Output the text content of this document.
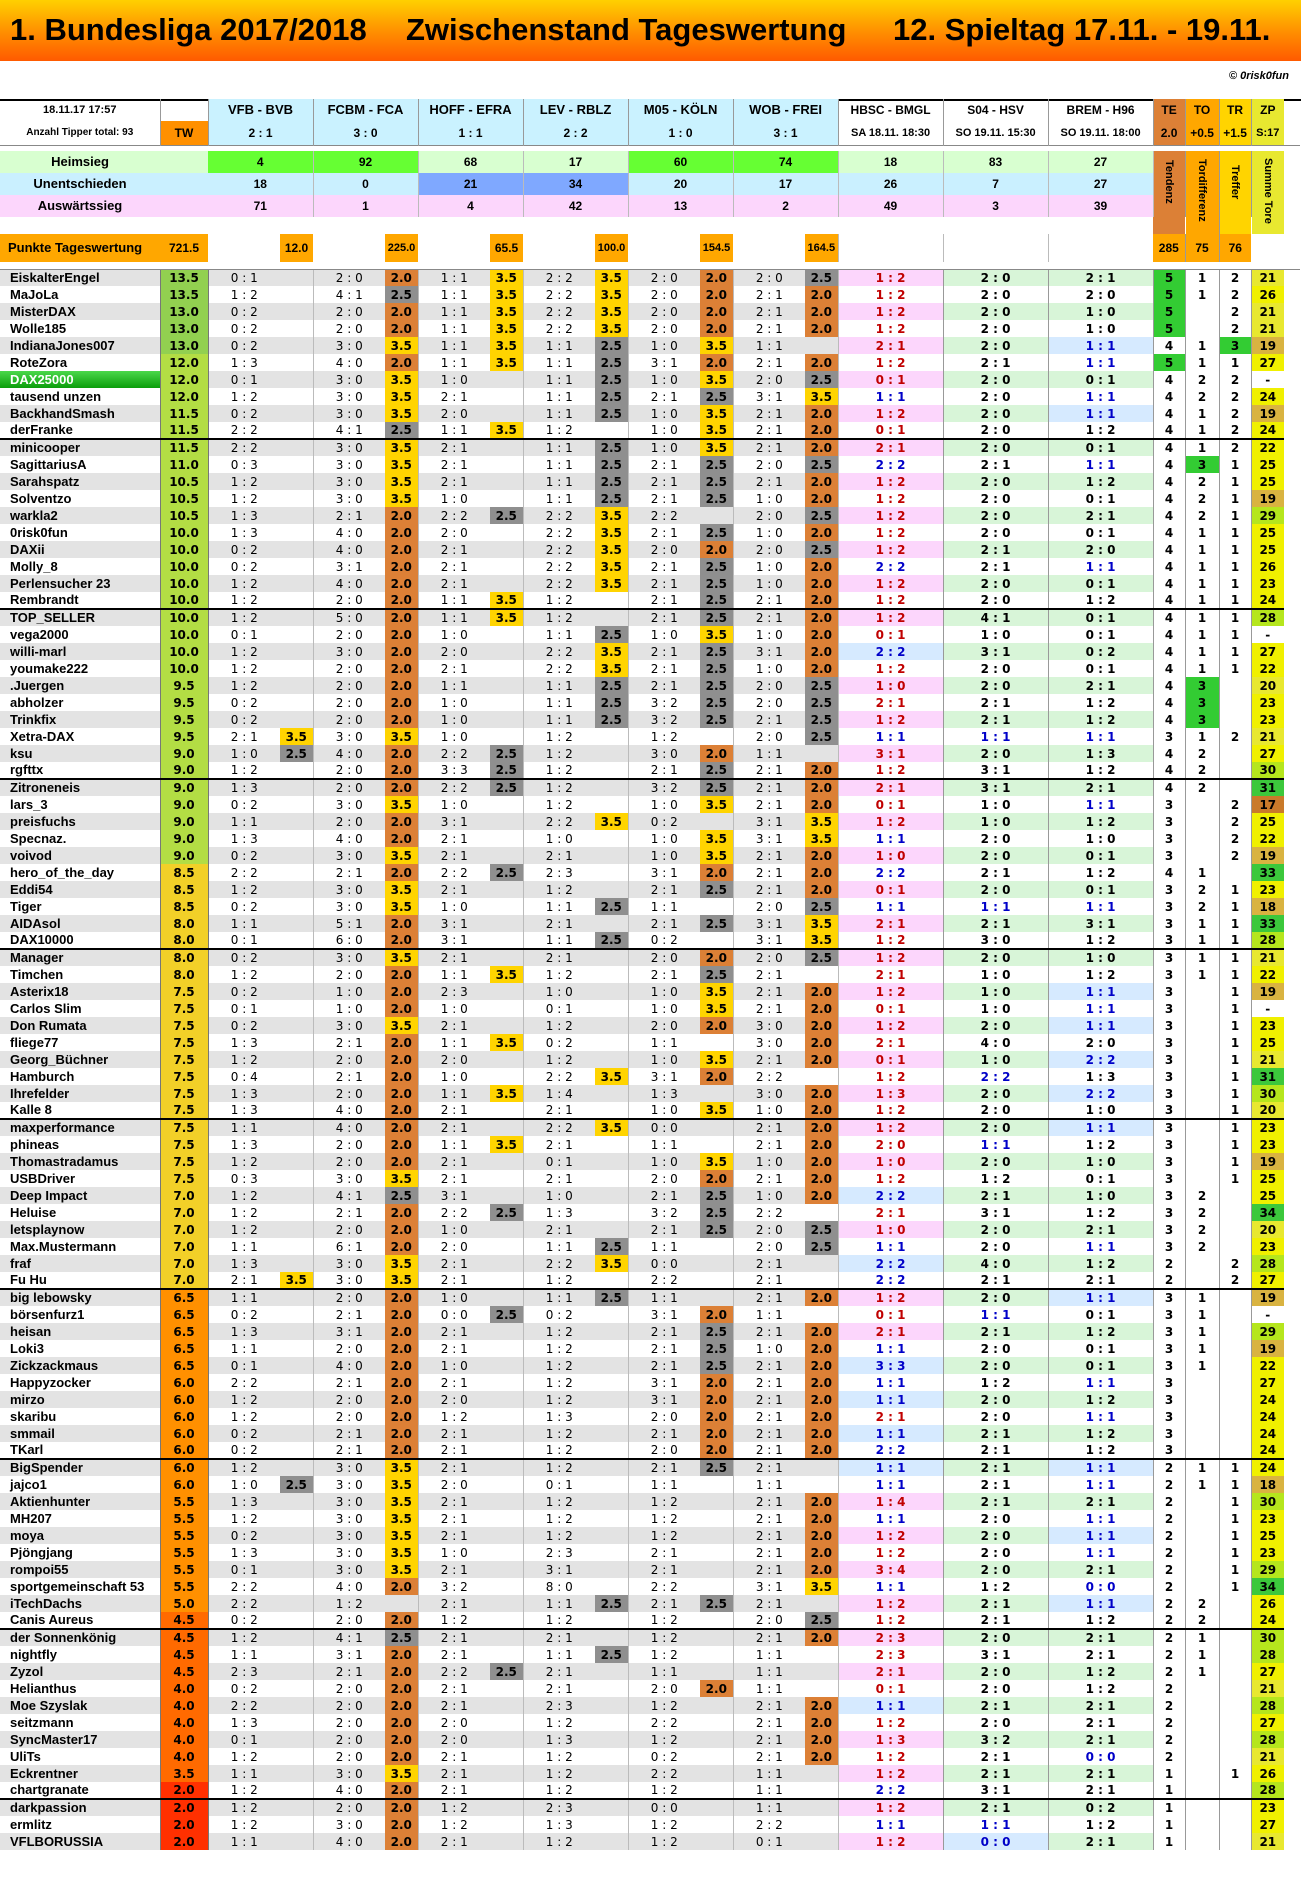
1. Bundesliga 2017/2018 Zwischenstand Tageswertung 12. Spieltag 17.11. - 19.11.
© 0risk0fun
18.11.17 17:57		VFB - BVB		FCBM - FCA		HOFF - EFRA		LEV - RBLZ		M05 - KÖLN		WOB - FREI		HBSC - BMGL	S04 - HSV	BREM - H96	TE	TO	TR	ZP
Anzahl Tipper total: 93	TW	2 : 1		3 : 0		1 : 1		2 : 2		1 : 0		3 : 1		SA 18.11. 18:30	SO 19.11. 15:30	SO 19.11. 18:00	2.0	+0.5	+1.5	S:17

Heimsieg		4		92		68		17		60		74		18	83	27	Tendenz	Tordifferenz	Treffer	Summe Tore
Unentschieden		18		0		21		34		20		17		26	7	27				
Auswärtssieg		71		1		4		42		13		2		49	3	39				

Punkte Tageswertung	721.5		12.0		225.0		65.5		100.0		154.5		164.5				285	75	76	

EiskalterEngel	13.5	0 : 1		2 : 0	2.0	1 : 1	3.5	2 : 2	3.5	2 : 0	2.0	2 : 0	2.5	1 : 2	2 : 0	2 : 1	5	1	2	21
MaJoLa	13.5	1 : 2		4 : 1	2.5	1 : 1	3.5	2 : 2	3.5	2 : 0	2.0	2 : 1	2.0	1 : 2	2 : 0	2 : 0	5	1	2	26
MisterDAX	13.0	0 : 2		2 : 0	2.0	1 : 1	3.5	2 : 2	3.5	2 : 0	2.0	2 : 1	2.0	1 : 2	2 : 0	1 : 0	5		2	21
Wolle185	13.0	0 : 2		2 : 0	2.0	1 : 1	3.5	2 : 2	3.5	2 : 0	2.0	2 : 1	2.0	1 : 2	2 : 0	1 : 0	5		2	21
IndianaJones007	13.0	0 : 2		3 : 0	3.5	1 : 1	3.5	1 : 1	2.5	1 : 0	3.5	1 : 1		2 : 1	2 : 0	1 : 1	4	1	3	19
RoteZora	12.0	1 : 3		4 : 0	2.0	1 : 1	3.5	1 : 1	2.5	3 : 1	2.0	2 : 1	2.0	1 : 2	2 : 1	1 : 1	5	1	1	27
DAX25000	12.0	0 : 1		3 : 0	3.5	1 : 0		1 : 1	2.5	1 : 0	3.5	2 : 0	2.5	0 : 1	2 : 0	0 : 1	4	2	2	-
tausend unzen	12.0	1 : 2		3 : 0	3.5	2 : 1		1 : 1	2.5	2 : 1	2.5	3 : 1	3.5	1 : 1	2 : 0	1 : 1	4	2	2	24
BackhandSmash	11.5	0 : 2		3 : 0	3.5	2 : 0		1 : 1	2.5	1 : 0	3.5	2 : 1	2.0	1 : 2	2 : 0	1 : 1	4	1	2	19
derFranke	11.5	2 : 2		4 : 1	2.5	1 : 1	3.5	1 : 2		1 : 0	3.5	2 : 1	2.0	0 : 1	2 : 0	1 : 2	4	1	2	24
minicooper	11.5	2 : 2		3 : 0	3.5	2 : 1		1 : 1	2.5	1 : 0	3.5	2 : 1	2.0	2 : 1	2 : 0	0 : 1	4	1	2	22
SagittariusA	11.0	0 : 3		3 : 0	3.5	2 : 1		1 : 1	2.5	2 : 1	2.5	2 : 0	2.5	2 : 2	2 : 1	1 : 1	4	3	1	25
Sarahspatz	10.5	1 : 2		3 : 0	3.5	2 : 1		1 : 1	2.5	2 : 1	2.5	2 : 1	2.0	1 : 2	2 : 0	1 : 2	4	2	1	25
Solventzo	10.5	1 : 2		3 : 0	3.5	1 : 0		1 : 1	2.5	2 : 1	2.5	1 : 0	2.0	1 : 2	2 : 0	0 : 1	4	2	1	19
warkla2	10.5	1 : 3		2 : 1	2.0	2 : 2	2.5	2 : 2	3.5	2 : 2		2 : 0	2.5	1 : 2	2 : 0	2 : 1	4	2	1	29
0risk0fun	10.0	1 : 3		4 : 0	2.0	2 : 0		2 : 2	3.5	2 : 1	2.5	1 : 0	2.0	1 : 2	2 : 0	0 : 1	4	1	1	25
DAXii	10.0	0 : 2		4 : 0	2.0	2 : 1		2 : 2	3.5	2 : 0	2.0	2 : 0	2.5	1 : 2	2 : 1	2 : 0	4	1	1	25
Molly_8	10.0	0 : 2		3 : 1	2.0	2 : 1		2 : 2	3.5	2 : 1	2.5	1 : 0	2.0	2 : 2	2 : 1	1 : 1	4	1	1	26
Perlensucher 23	10.0	1 : 2		4 : 0	2.0	2 : 1		2 : 2	3.5	2 : 1	2.5	1 : 0	2.0	1 : 2	2 : 0	0 : 1	4	1	1	23
Rembrandt	10.0	1 : 2		2 : 0	2.0	1 : 1	3.5	1 : 2		2 : 1	2.5	2 : 1	2.0	1 : 2	2 : 0	1 : 2	4	1	1	24
TOP_SELLER	10.0	1 : 2		5 : 0	2.0	1 : 1	3.5	1 : 2		2 : 1	2.5	2 : 1	2.0	1 : 2	4 : 1	0 : 1	4	1	1	28
vega2000	10.0	0 : 1		2 : 0	2.0	1 : 0		1 : 1	2.5	1 : 0	3.5	1 : 0	2.0	0 : 1	1 : 0	0 : 1	4	1	1	-
willi-marl	10.0	1 : 2		3 : 0	2.0	2 : 0		2 : 2	3.5	2 : 1	2.5	3 : 1	2.0	2 : 2	3 : 1	0 : 2	4	1	1	27
youmake222	10.0	1 : 2		2 : 0	2.0	2 : 1		2 : 2	3.5	2 : 1	2.5	1 : 0	2.0	1 : 2	2 : 0	0 : 1	4	1	1	22
.Juergen	9.5	1 : 2		2 : 0	2.0	1 : 1		1 : 1	2.5	2 : 1	2.5	2 : 0	2.5	1 : 0	2 : 0	2 : 1	4	3		20
abholzer	9.5	0 : 2		2 : 0	2.0	1 : 0		1 : 1	2.5	3 : 2	2.5	2 : 0	2.5	2 : 1	2 : 1	1 : 2	4	3		23
Trinkfix	9.5	0 : 2		2 : 0	2.0	1 : 0		1 : 1	2.5	3 : 2	2.5	2 : 1	2.5	1 : 2	2 : 1	1 : 2	4	3		23
Xetra-DAX	9.5	2 : 1	3.5	3 : 0	3.5	1 : 0		1 : 2		1 : 2		2 : 0	2.5	1 : 1	1 : 1	1 : 1	3	1	2	21
ksu	9.0	1 : 0	2.5	4 : 0	2.0	2 : 2	2.5	1 : 2		3 : 0	2.0	1 : 1		3 : 1	2 : 0	1 : 3	4	2		27
rgfttx	9.0	1 : 2		2 : 0	2.0	3 : 3	2.5	1 : 2		2 : 1	2.5	2 : 1	2.0	1 : 2	3 : 1	1 : 2	4	2		30
Zitroneneis	9.0	1 : 3		2 : 0	2.0	2 : 2	2.5	1 : 2		3 : 2	2.5	2 : 1	2.0	2 : 1	3 : 1	2 : 1	4	2		31
lars_3	9.0	0 : 2		3 : 0	3.5	1 : 0		1 : 2		1 : 0	3.5	2 : 1	2.0	0 : 1	1 : 0	1 : 1	3		2	17
preisfuchs	9.0	1 : 1		2 : 0	2.0	3 : 1		2 : 2	3.5	0 : 2		3 : 1	3.5	1 : 2	1 : 0	1 : 2	3		2	25
Specnaz.	9.0	1 : 3		4 : 0	2.0	2 : 1		1 : 0		1 : 0	3.5	3 : 1	3.5	1 : 1	2 : 0	1 : 0	3		2	22
voivod	9.0	0 : 2		3 : 0	3.5	2 : 1		2 : 1		1 : 0	3.5	2 : 1	2.0	1 : 0	2 : 0	0 : 1	3		2	19
hero_of_the_day	8.5	2 : 2		2 : 1	2.0	2 : 2	2.5	2 : 3		3 : 1	2.0	2 : 1	2.0	2 : 2	2 : 1	1 : 2	4	1		33
Eddi54	8.5	1 : 2		3 : 0	3.5	2 : 1		1 : 2		2 : 1	2.5	2 : 1	2.0	0 : 1	2 : 0	0 : 1	3	2	1	23
Tiger	8.5	0 : 2		3 : 0	3.5	1 : 0		1 : 1	2.5	1 : 1		2 : 0	2.5	1 : 1	1 : 1	1 : 1	3	2	1	18
AIDAsol	8.0	1 : 1		5 : 1	2.0	3 : 1		2 : 1		2 : 1	2.5	3 : 1	3.5	2 : 1	2 : 1	3 : 1	3	1	1	33
DAX10000	8.0	0 : 1		6 : 0	2.0	3 : 1		1 : 1	2.5	0 : 2		3 : 1	3.5	1 : 2	3 : 0	1 : 2	3	1	1	28
Manager	8.0	0 : 2		3 : 0	3.5	2 : 1		2 : 1		2 : 0	2.0	2 : 0	2.5	1 : 2	2 : 0	1 : 0	3	1	1	21
Timchen	8.0	1 : 2		2 : 0	2.0	1 : 1	3.5	1 : 2		2 : 1	2.5	2 : 1		2 : 1	1 : 0	1 : 2	3	1	1	22
Asterix18	7.5	0 : 2		1 : 0	2.0	2 : 3		1 : 0		1 : 0	3.5	2 : 1	2.0	1 : 2	1 : 0	1 : 1	3		1	19
Carlos Slim	7.5	0 : 1		1 : 0	2.0	1 : 0		0 : 1		1 : 0	3.5	2 : 1	2.0	0 : 1	1 : 0	1 : 1	3		1	-
Don Rumata	7.5	0 : 2		3 : 0	3.5	2 : 1		1 : 2		2 : 0	2.0	3 : 0	2.0	1 : 2	2 : 0	1 : 1	3		1	23
fliege77	7.5	1 : 3		2 : 1	2.0	1 : 1	3.5	0 : 2		1 : 1		3 : 0	2.0	2 : 1	4 : 0	2 : 0	3		1	25
Georg_Büchner	7.5	1 : 2		2 : 0	2.0	2 : 0		1 : 2		1 : 0	3.5	2 : 1	2.0	0 : 1	1 : 0	2 : 2	3		1	21
Hamburch	7.5	0 : 4		2 : 1	2.0	1 : 0		2 : 2	3.5	3 : 1	2.0	2 : 2		1 : 2	2 : 2	1 : 3	3		1	31
Ihrefelder	7.5	1 : 3		2 : 0	2.0	1 : 1	3.5	1 : 4		1 : 3		3 : 0	2.0	1 : 3	2 : 0	2 : 2	3		1	30
Kalle 8	7.5	1 : 3		4 : 0	2.0	2 : 1		2 : 1		1 : 0	3.5	1 : 0	2.0	1 : 2	2 : 0	1 : 0	3		1	20
maxperformance	7.5	1 : 1		4 : 0	2.0	2 : 1		2 : 2	3.5	0 : 0		2 : 1	2.0	1 : 2	2 : 0	1 : 1	3		1	23
phineas	7.5	1 : 3		2 : 0	2.0	1 : 1	3.5	2 : 1		1 : 1		2 : 1	2.0	2 : 0	1 : 1	1 : 2	3		1	23
Thomastradamus	7.5	1 : 2		2 : 0	2.0	2 : 1		0 : 1		1 : 0	3.5	1 : 0	2.0	1 : 0	2 : 0	1 : 0	3		1	19
USBDriver	7.5	0 : 3		3 : 0	3.5	2 : 1		2 : 1		2 : 0	2.0	2 : 1	2.0	1 : 2	1 : 2	0 : 1	3		1	25
Deep Impact	7.0	1 : 2		4 : 1	2.5	3 : 1		1 : 0		2 : 1	2.5	1 : 0	2.0	2 : 2	2 : 1	1 : 0	3	2		25
Heluise	7.0	1 : 2		2 : 1	2.0	2 : 2	2.5	1 : 3		3 : 2	2.5	2 : 2		2 : 1	3 : 1	1 : 2	3	2		34
letsplaynow	7.0	1 : 2		2 : 0	2.0	1 : 0		2 : 1		2 : 1	2.5	2 : 0	2.5	1 : 0	2 : 0	2 : 1	3	2		20
Max.Mustermann	7.0	1 : 1		6 : 1	2.0	2 : 0		1 : 1	2.5	1 : 1		2 : 0	2.5	1 : 1	2 : 0	1 : 1	3	2		23
fraf	7.0	1 : 3		3 : 0	3.5	2 : 1		2 : 2	3.5	0 : 0		2 : 1		2 : 2	4 : 0	1 : 2	2		2	28
Fu Hu	7.0	2 : 1	3.5	3 : 0	3.5	2 : 1		1 : 2		2 : 2		2 : 1		2 : 2	2 : 1	2 : 1	2		2	27
big lebowsky	6.5	1 : 1		2 : 0	2.0	1 : 0		1 : 1	2.5	1 : 1		2 : 1	2.0	1 : 2	2 : 0	1 : 1	3	1		19
börsenfurz1	6.5	0 : 2		2 : 1	2.0	0 : 0	2.5	0 : 2		3 : 1	2.0	1 : 1		0 : 1	1 : 1	0 : 1	3	1		-
heisan	6.5	1 : 3		3 : 1	2.0	2 : 1		1 : 2		2 : 1	2.5	2 : 1	2.0	2 : 1	2 : 1	1 : 2	3	1		29
Loki3	6.5	1 : 1		2 : 0	2.0	2 : 1		1 : 2		2 : 1	2.5	1 : 0	2.0	1 : 1	2 : 0	0 : 1	3	1		19
Zickzackmaus	6.5	0 : 1		4 : 0	2.0	1 : 0		1 : 2		2 : 1	2.5	2 : 1	2.0	3 : 3	2 : 0	0 : 1	3	1		22
Happyzocker	6.0	2 : 2		2 : 1	2.0	2 : 1		1 : 2		3 : 1	2.0	2 : 1	2.0	1 : 1	1 : 2	1 : 1	3			27
mirzo	6.0	1 : 2		2 : 0	2.0	2 : 0		1 : 2		3 : 1	2.0	2 : 1	2.0	1 : 1	2 : 0	1 : 2	3			24
skaribu	6.0	1 : 2		2 : 0	2.0	1 : 2		1 : 3		2 : 0	2.0	2 : 1	2.0	2 : 1	2 : 0	1 : 1	3			24
smmail	6.0	0 : 2		2 : 1	2.0	2 : 1		1 : 2		2 : 1	2.0	2 : 1	2.0	1 : 1	2 : 1	1 : 2	3			24
TKarl	6.0	0 : 2		2 : 1	2.0	2 : 1		1 : 2		2 : 0	2.0	2 : 1	2.0	2 : 2	2 : 1	1 : 2	3			24
BigSpender	6.0	1 : 2		3 : 0	3.5	2 : 1		1 : 2		2 : 1	2.5	2 : 1		1 : 1	2 : 1	1 : 1	2	1	1	24
jajco1	6.0	1 : 0	2.5	3 : 0	3.5	2 : 0		0 : 1		1 : 1		1 : 1		1 : 1	2 : 1	1 : 1	2	1	1	18
Aktienhunter	5.5	1 : 3		3 : 0	3.5	2 : 1		1 : 2		1 : 2		2 : 1	2.0	1 : 4	2 : 1	2 : 1	2		1	30
MH207	5.5	1 : 2		3 : 0	3.5	2 : 1		1 : 2		1 : 2		2 : 1	2.0	1 : 1	2 : 0	1 : 1	2		1	23
moya	5.5	0 : 2		3 : 0	3.5	2 : 1		1 : 2		1 : 2		2 : 1	2.0	1 : 2	2 : 0	1 : 1	2		1	25
Pjöngjang	5.5	1 : 3		3 : 0	3.5	1 : 0		2 : 3		2 : 1		2 : 1	2.0	1 : 2	2 : 0	1 : 1	2		1	23
rompoi55	5.5	0 : 1		3 : 0	3.5	2 : 1		3 : 1		2 : 1		2 : 1	2.0	3 : 4	2 : 0	2 : 1	2		1	29
sportgemeinschaft 53	5.5	2 : 2		4 : 0	2.0	3 : 2		8 : 0		2 : 2		3 : 1	3.5	1 : 1	1 : 2	0 : 0	2		1	34
iTechDachs	5.0	2 : 2		1 : 2		2 : 1		1 : 1	2.5	2 : 1	2.5	2 : 1		1 : 2	2 : 1	1 : 1	2	2		26
Canis Aureus	4.5	0 : 2		2 : 0	2.0	1 : 2		1 : 2		1 : 2		2 : 0	2.5	1 : 2	2 : 1	1 : 2	2	2		24
der Sonnenkönig	4.5	1 : 2		4 : 1	2.5	2 : 1		2 : 1		1 : 2		2 : 1	2.0	2 : 3	2 : 0	2 : 1	2	1		30
nightfly	4.5	1 : 1		3 : 1	2.0	2 : 1		1 : 1	2.5	1 : 2		1 : 1		2 : 3	3 : 1	2 : 1	2	1		28
Zyzol	4.5	2 : 3		2 : 1	2.0	2 : 2	2.5	2 : 1		1 : 1		1 : 1		2 : 1	2 : 0	1 : 2	2	1		27
Helianthus	4.0	0 : 2		2 : 0	2.0	2 : 1		2 : 1		2 : 0	2.0	1 : 1		0 : 1	2 : 0	1 : 2	2			21
Moe Szyslak	4.0	2 : 2		2 : 0	2.0	2 : 1		2 : 3		1 : 2		2 : 1	2.0	1 : 1	2 : 1	2 : 1	2			28
seitzmann	4.0	1 : 3		2 : 0	2.0	2 : 0		1 : 2		2 : 2		2 : 1	2.0	1 : 2	2 : 0	2 : 1	2			27
SyncMaster17	4.0	0 : 1		2 : 0	2.0	2 : 0		1 : 3		1 : 2		2 : 1	2.0	1 : 3	3 : 2	2 : 1	2			28
UliTs	4.0	1 : 2		2 : 0	2.0	2 : 1		1 : 2		0 : 2		2 : 1	2.0	1 : 2	2 : 1	0 : 0	2			21
Eckrentner	3.5	1 : 1		3 : 0	3.5	2 : 1		1 : 2		2 : 2		1 : 1		1 : 2	2 : 1	2 : 1	1		1	26
chartgranate	2.0	1 : 2		4 : 0	2.0	2 : 1		1 : 2		1 : 2		1 : 1		2 : 2	3 : 1	2 : 1	1			28
darkpassion	2.0	1 : 2		2 : 0	2.0	1 : 2		2 : 3		0 : 0		1 : 1		1 : 2	2 : 1	0 : 2	1			23
ermlitz	2.0	1 : 2		3 : 0	2.0	1 : 2		1 : 3		1 : 2		2 : 2		1 : 1	1 : 1	1 : 2	1			27
VFLBORUSSIA	2.0	1 : 1		4 : 0	2.0	2 : 1		1 : 2		1 : 2		0 : 1		1 : 2	0 : 0	2 : 1	1			21
